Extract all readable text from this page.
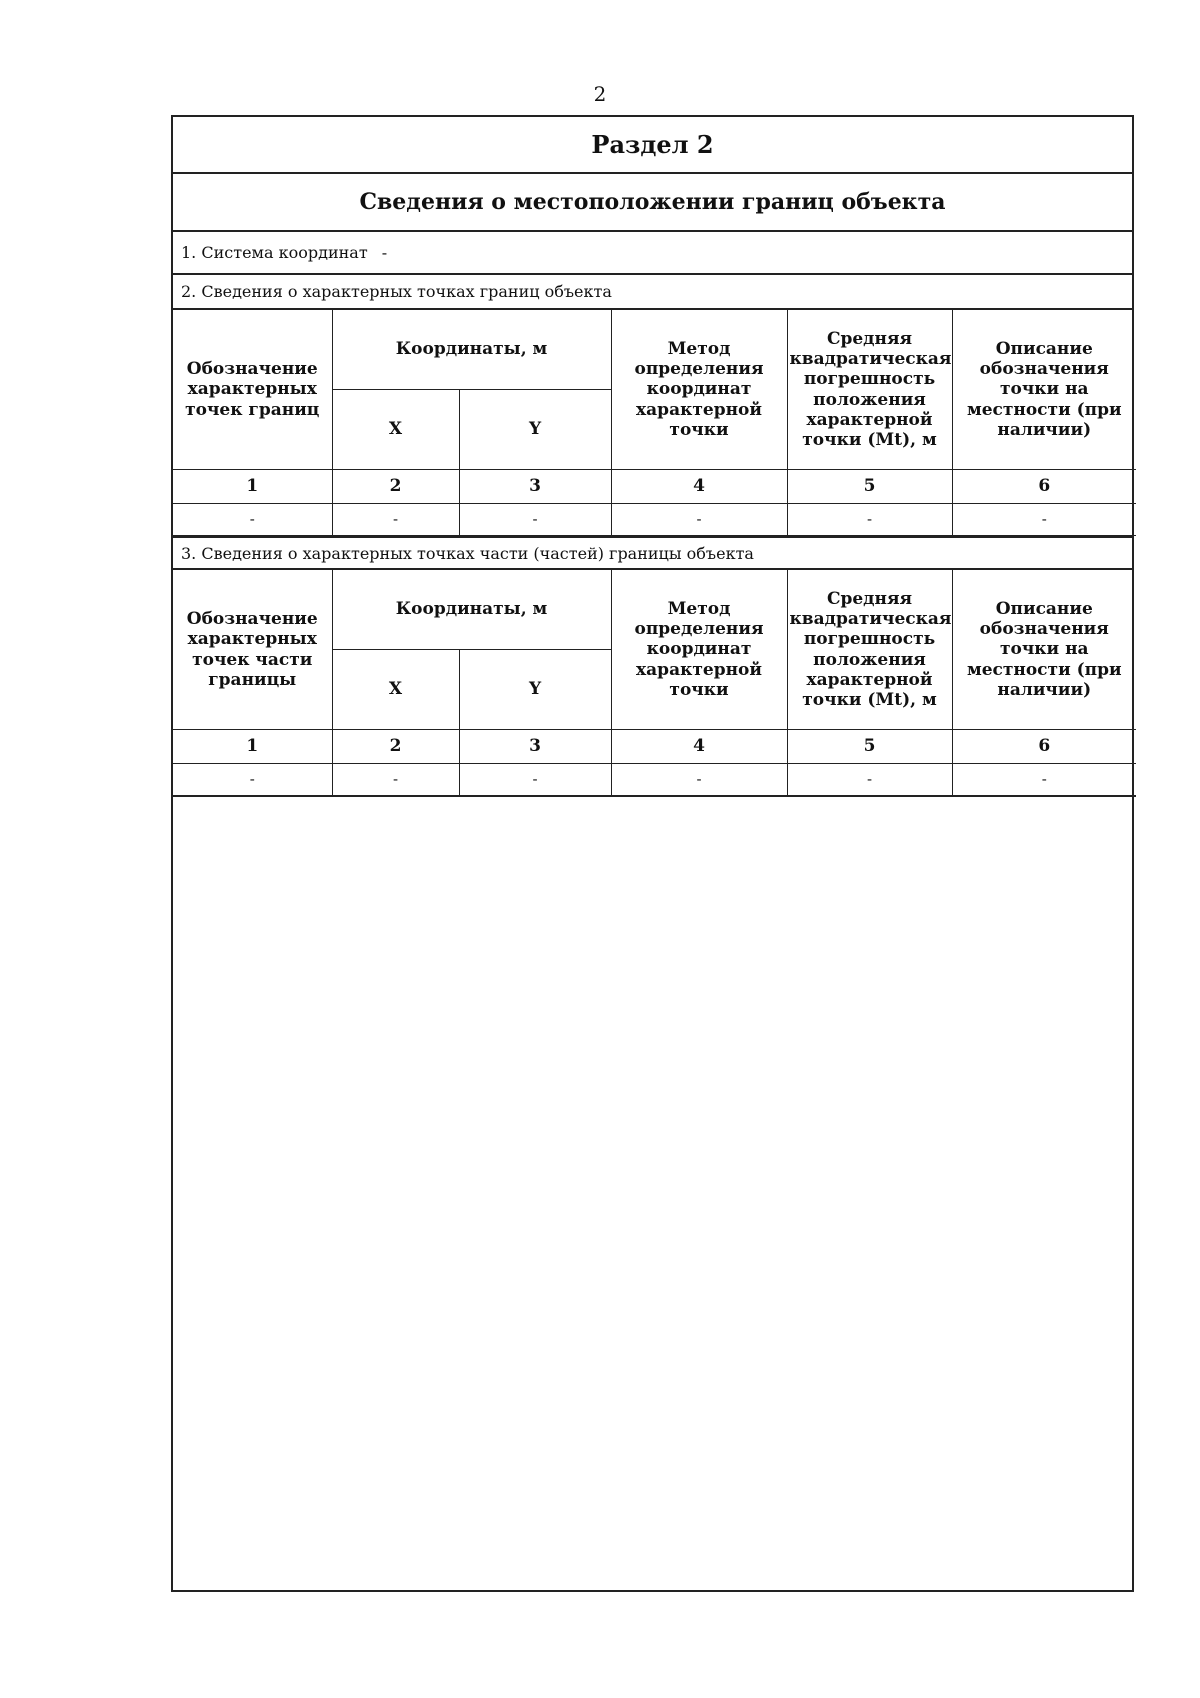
2
Раздел 2
Сведения о местоположении границ объекта
1. Система координат -
2. Сведения о характерных точках границ объекта
Обозначение характерных точек границ	Координаты, м		Метод определения координат характерной точки	Средняя квадратическая погрешность положения характерной точки (Mt), м	Описание обозначения точки на местности (при наличии)
	X	Y			
1	2	3	4	5	6
-	-	-	-	-	-
3. Сведения о характерных точках части (частей) границы объекта
Обозначение характерных точек части границы	Координаты, м		Метод определения координат характерной точки	Средняя квадратическая погрешность положения характерной точки (Mt), м	Описание обозначения точки на местности (при наличии)
	X	Y			
1	2	3	4	5	6
-	-	-	-	-	-
